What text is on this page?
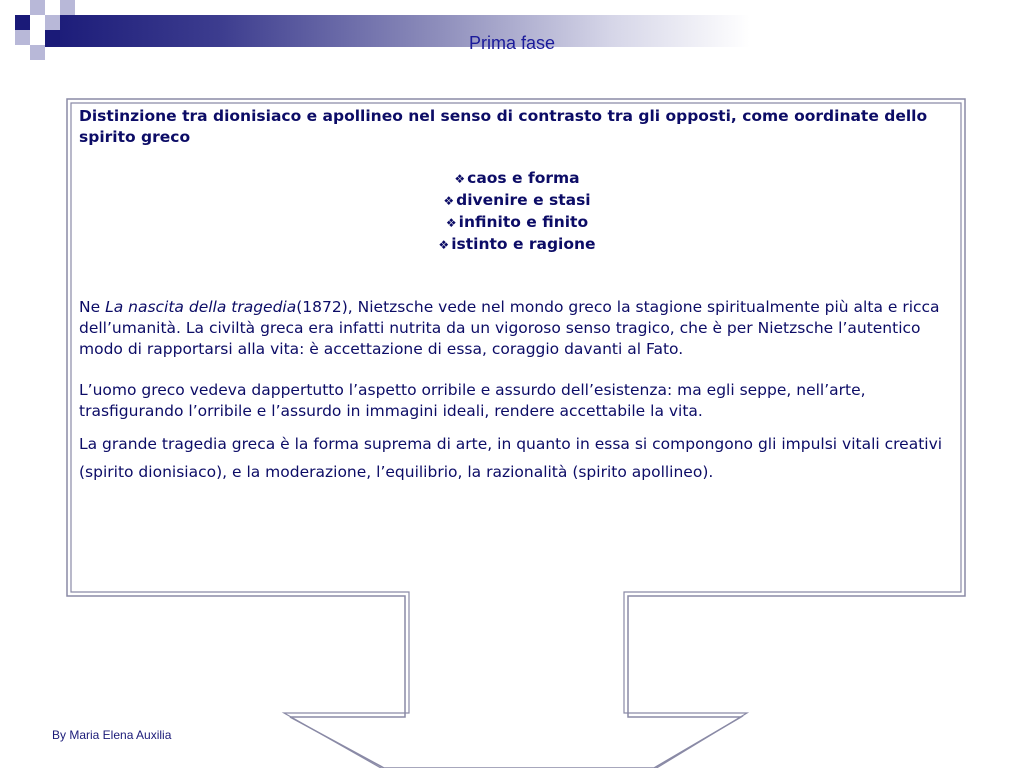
Prima fase
Distinzione tra dionisiaco e apollineo nel senso di contrasto tra gli opposti, come oordinate dello spirito greco
❖ caos e forma
❖ divenire e stasi
❖ infinito e finito
❖ istinto e ragione

Ne La nascita della tragedia(1872), Nietzsche vede nel mondo greco la stagione spiritualmente più alta e ricca dell’umanità. La civiltà greca era infatti nutrita da un vigoroso senso tragico, che è per Nietzsche l’autentico modo di rapportarsi alla vita: è accettazione di essa, coraggio davanti al Fato.

L’uomo greco vedeva dappertutto l’aspetto orribile e assurdo dell’esistenza: ma egli seppe, nell’arte, trasfigurando l’orribile e l’assurdo in immagini ideali, rendere accettabile la vita.

La grande tragedia greca è la forma suprema di arte, in quanto in essa si compongono gli impulsi vitali creativi (spirito dionisiaco), e la moderazione, l’equilibrio, la razionalità (spirito apollineo).

By Maria Elena Auxilia
